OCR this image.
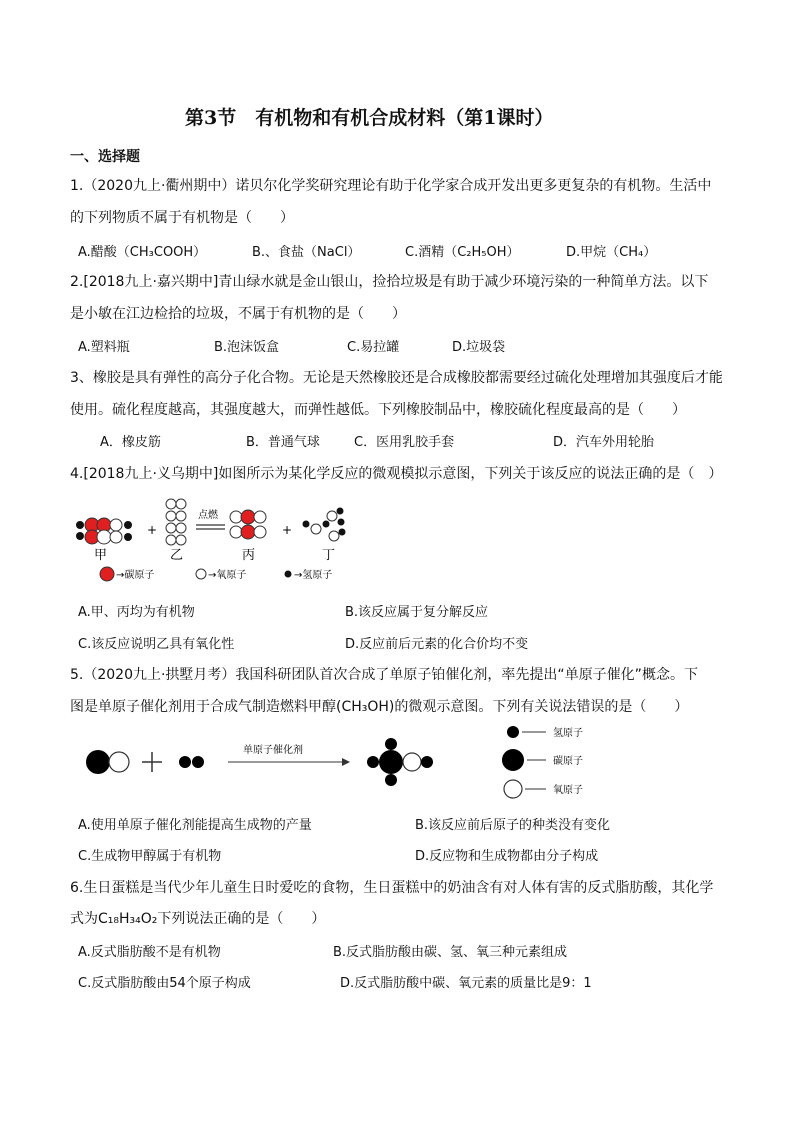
第3节　有机物和有机合成材料（第1课时）
一、选择题
1.（2020九上·衢州期中）诺贝尔化学奖研究理论有助于化学家合成开发出更多更复杂的有机物。生活中
的下列物质不属于有机物是（　　）
A.醋酸（CH₃COOH）	B.、食盐（NaCl）	C.酒精（C₂H₅OH）	D.甲烷（CH₄）
2.[2018九上·嘉兴期中]青山绿水就是金山银山，捡拾垃圾是有助于减少环境污染的一种简单方法。以下
是小敏在江边检拾的垃圾，不属于有机物的是（　　）
A.塑料瓶	B.泡沫饭盒	C.易拉罐	D.垃圾袋
3、橡胶是具有弹性的高分子化合物。无论是天然橡胶还是合成橡胶都需要经过硫化处理增加其强度后才能
使用。硫化程度越高，其强度越大，而弹性越低。下列橡胶制品中，橡胶硫化程度最高的是（　　）
A．橡皮筋	B．普通气球	C．医用乳胶手套	D．汽车外用轮胎
4.[2018九上·义乌期中]如图所示为某化学反应的微观模拟示意图，下列关于该反应的说法正确的是（　）
+
点燃
+
甲	乙	丙	丁
→碳原子	→氧原子	→氢原子
A.甲、丙均为有机物	B.该反应属于复分解反应
C.该反应说明乙具有氧化性	D.反应前后元素的化合价均不变
5.（2020九上·拱墅月考）我国科研团队首次合成了单原子铂催化剂，率先提出“单原子催化”概念。下
图是单原子催化剂用于合成气制造燃料甲醇(CH₃OH)的微观示意图。下列有关说法错误的是（　　）
单原子催化剂
氢原子
碳原子
氧原子
A.使用单原子催化剂能提高生成物的产量	B.该反应前后原子的种类没有变化
C.生成物甲醇属于有机物	D.反应物和生成物都由分子构成
6.生日蛋糕是当代少年儿童生日时爱吃的食物，生日蛋糕中的奶油含有对人体有害的反式脂肪酸，其化学
式为C₁₈H₃₄O₂下列说法正确的是（　　）
A.反式脂肪酸不是有机物	B.反式脂肪酸由碳、氢、氧三种元素组成
C.反式脂肪酸由54个原子构成	D.反式脂肪酸中碳、氧元素的质量比是9：1
